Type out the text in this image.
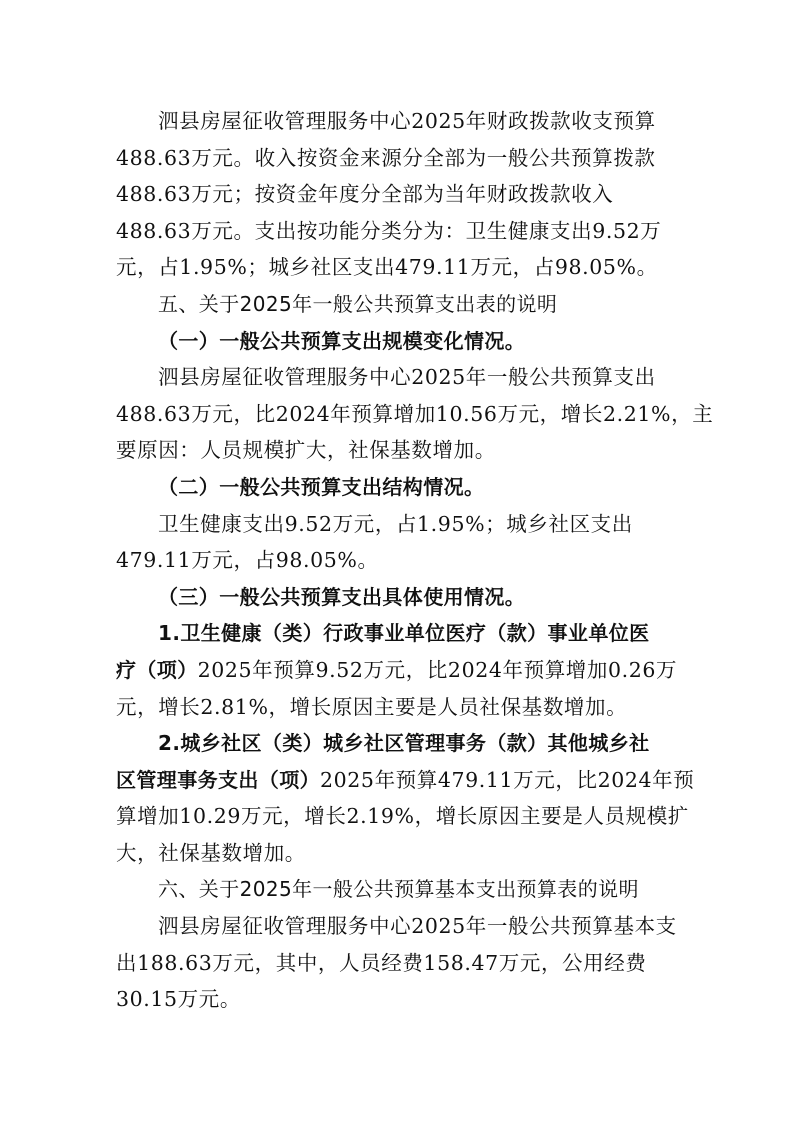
泗县房屋征收管理服务中心2025年财政拨款收支预算
488.63万元。收入按资金来源分全部为一般公共预算拨款
488.63万元；按资金年度分全部为当年财政拨款收入
488.63万元。支出按功能分类分为：卫生健康支出9.52万
元，占1.95%；城乡社区支出479.11万元，占98.05%。
五、关于2025年一般公共预算支出表的说明
（一）一般公共预算支出规模变化情况。
泗县房屋征收管理服务中心2025年一般公共预算支出
488.63万元，比2024年预算增加10.56万元，增长2.21%，主
要原因：人员规模扩大，社保基数增加。
（二）一般公共预算支出结构情况。
卫生健康支出9.52万元，占1.95%；城乡社区支出
479.11万元，占98.05%。
（三）一般公共预算支出具体使用情况。
1.卫生健康（类）行政事业单位医疗（款）事业单位医
疗（项）2025年预算9.52万元，比2024年预算增加0.26万
元，增长2.81%，增长原因主要是人员社保基数增加。
2.城乡社区（类）城乡社区管理事务（款）其他城乡社
区管理事务支出（项）2025年预算479.11万元，比2024年预
算增加10.29万元，增长2.19%，增长原因主要是人员规模扩
大，社保基数增加。
六、关于2025年一般公共预算基本支出预算表的说明
泗县房屋征收管理服务中心2025年一般公共预算基本支
出188.63万元，其中，人员经费158.47万元，公用经费
30.15万元。
